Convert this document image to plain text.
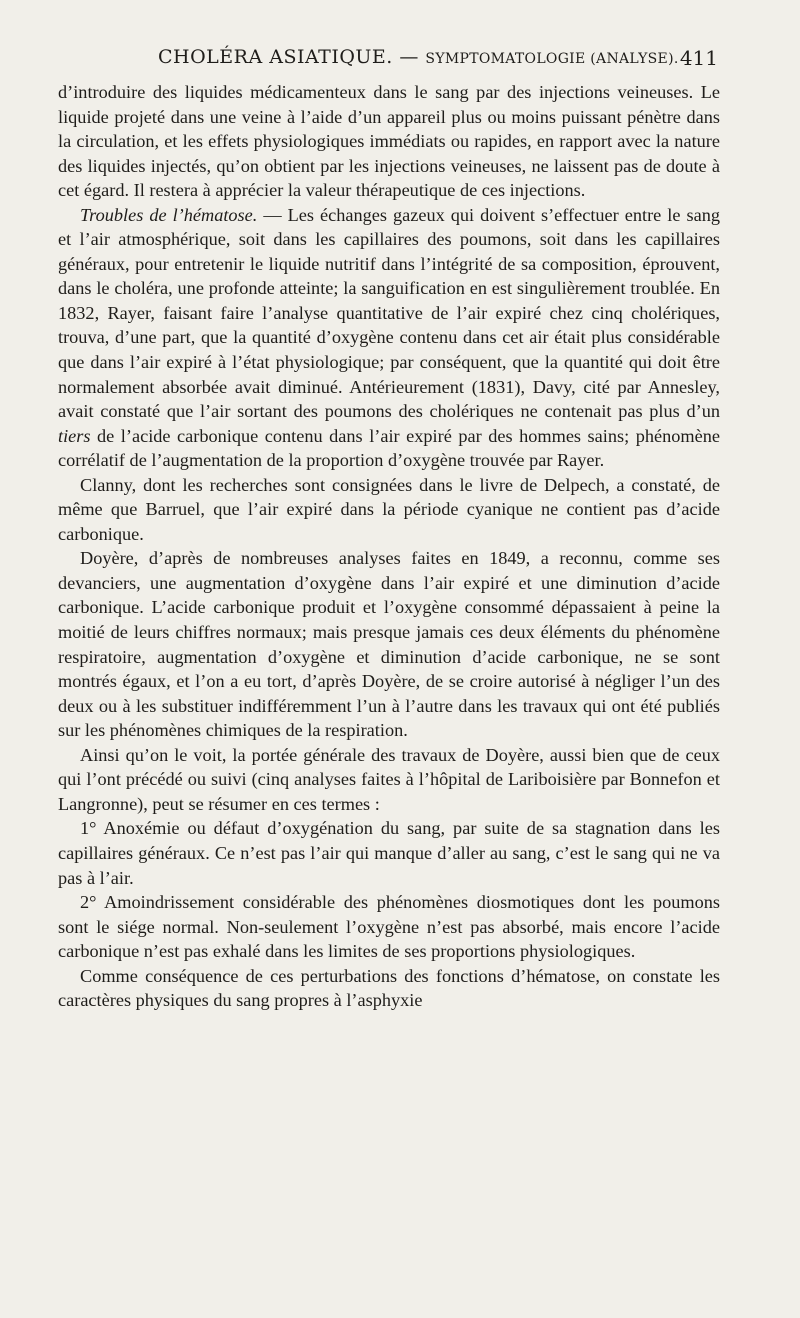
CHOLÉRA ASIATIQUE. — SYMPTOMATOLOGIE (ANALYSE). 411

d’introduire des liquides médicamenteux dans le sang par des injections veineuses. Le liquide projeté dans une veine à l’aide d’un appareil plus ou moins puissant pénètre dans la circulation, et les effets physiologiques immédiats ou rapides, en rapport avec la nature des liquides injectés, qu’on obtient par les injections veineuses, ne laissent pas de doute à cet égard. Il restera à apprécier la valeur thérapeutique de ces injections.

Troubles de l’hématose. — Les échanges gazeux qui doivent s’effectuer entre le sang et l’air atmosphérique, soit dans les capillaires des poumons, soit dans les capillaires généraux, pour entretenir le liquide nutritif dans l’intégrité de sa composition, éprouvent, dans le choléra, une profonde atteinte; la sanguification en est singulièrement troublée. En 1832, Rayer, faisant faire l’analyse quantitative de l’air expiré chez cinq cholériques, trouva, d’une part, que la quantité d’oxygène contenu dans cet air était plus considérable que dans l’air expiré à l’état physiologique; par conséquent, que la quantité qui doit être normalement absorbée avait diminué. Antérieurement (1831), Davy, cité par Annesley, avait constaté que l’air sortant des poumons des cholériques ne contenait pas plus d’un tiers de l’acide carbonique contenu dans l’air expiré par des hommes sains; phénomène corrélatif de l’augmentation de la proportion d’oxygène trouvée par Rayer.

Clanny, dont les recherches sont consignées dans le livre de Delpech, a constaté, de même que Barruel, que l’air expiré dans la période cyanique ne contient pas d’acide carbonique.

Doyère, d’après de nombreuses analyses faites en 1849, a reconnu, comme ses devanciers, une augmentation d’oxygène dans l’air expiré et une diminution d’acide carbonique. L’acide carbonique produit et l’oxygène consommé dépassaient à peine la moitié de leurs chiffres normaux; mais presque jamais ces deux éléments du phénomène respiratoire, augmentation d’oxygène et diminution d’acide carbonique, ne se sont montrés égaux, et l’on a eu tort, d’après Doyère, de se croire autorisé à négliger l’un des deux ou à les substituer indifféremment l’un à l’autre dans les travaux qui ont été publiés sur les phénomènes chimiques de la respiration.

Ainsi qu’on le voit, la portée générale des travaux de Doyère, aussi bien que de ceux qui l’ont précédé ou suivi (cinq analyses faites à l’hôpital de Lariboisière par Bonnefon et Langronne), peut se résumer en ces termes :

1° Anoxémie ou défaut d’oxygénation du sang, par suite de sa stagnation dans les capillaires généraux. Ce n’est pas l’air qui manque d’aller au sang, c’est le sang qui ne va pas à l’air.

2° Amoindrissement considérable des phénomènes diosmotiques dont les poumons sont le siége normal. Non-seulement l’oxygène n’est pas absorbé, mais encore l’acide carbonique n’est pas exhalé dans les limites de ses proportions physiologiques.

Comme conséquence de ces perturbations des fonctions d’hématose, on constate les caractères physiques du sang propres à l’asphyxie
